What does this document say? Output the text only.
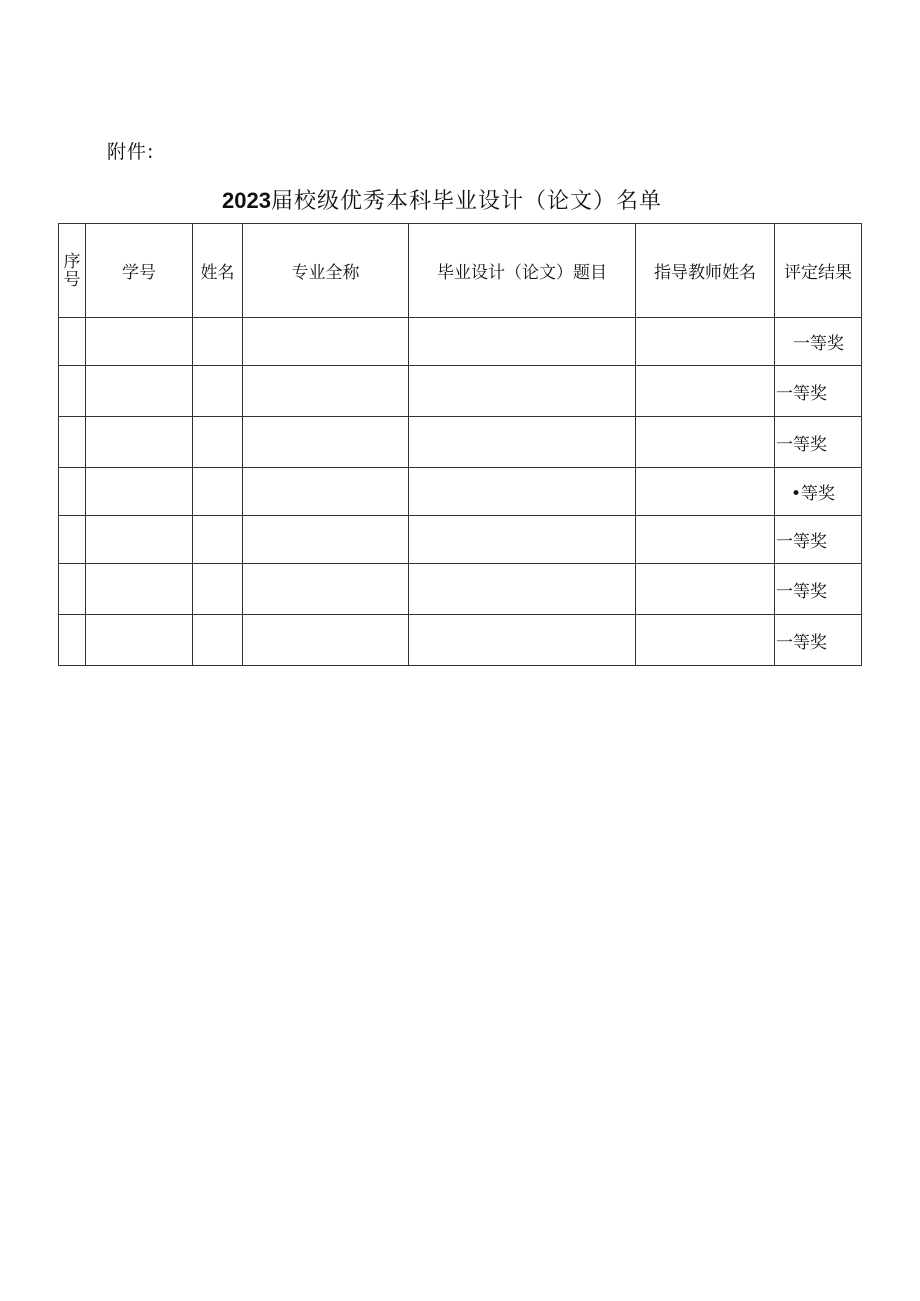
附件:
2023届校级优秀本科毕业设计（论文）名单
序号	学号	姓名	专业全称	毕业设计（论文）题目	指导教师姓名	评定结果
						一等奖
						一等奖
						一等奖
						•等奖
						一等奖
						一等奖
						一等奖
